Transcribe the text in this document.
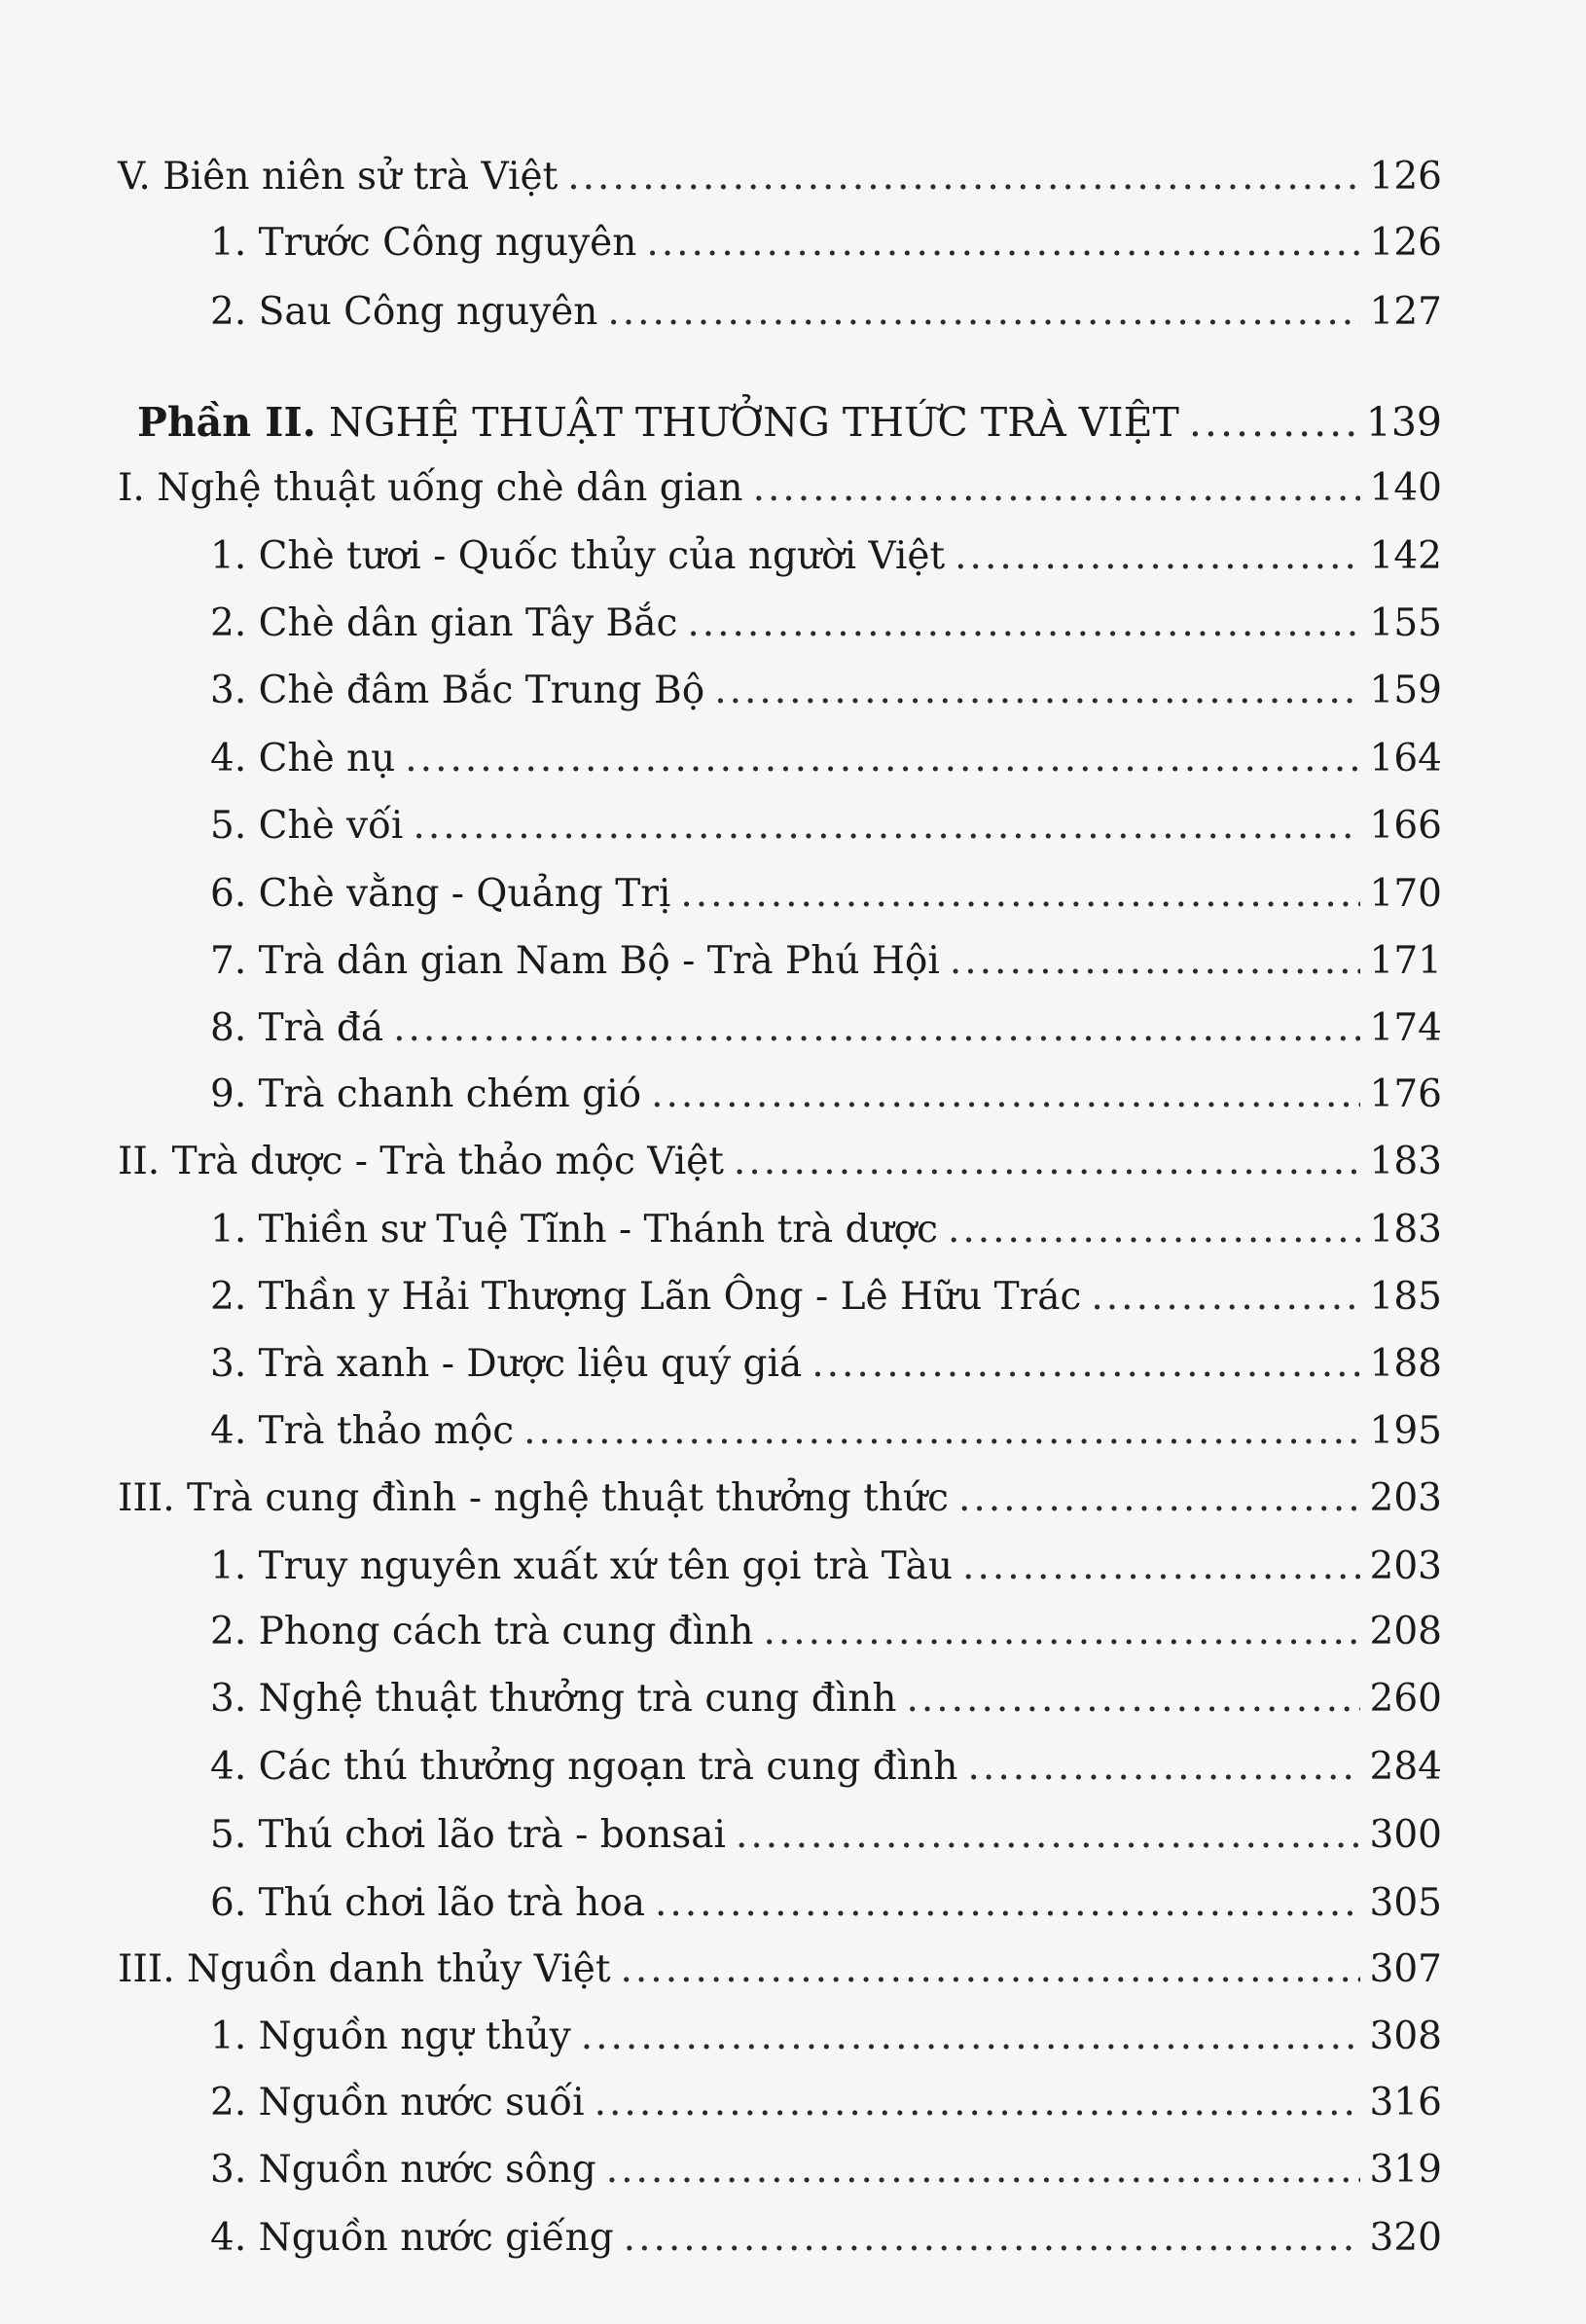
V. Biên niên sử trà Việt .....	126
1. Trước Công nguyên .....	126
2. Sau Công nguyên .....	127
Phần II. NGHỆ THUẬT THƯỞNG THỨC TRÀ VIỆT .....	139
I. Nghệ thuật uống chè dân gian .....	140
1. Chè tươi - Quốc thủy của người Việt .....	142
2. Chè dân gian Tây Bắc .....	155
3. Chè đâm Bắc Trung Bộ .....	159
4. Chè nụ .....	164
5. Chè vối .....	166
6. Chè vằng - Quảng Trị .....	170
7. Trà dân gian Nam Bộ - Trà Phú Hội .....	171
8. Trà đá .....	174
9. Trà chanh chém gió .....	176
II. Trà dược - Trà thảo mộc Việt .....	183
1. Thiền sư Tuệ Tĩnh - Thánh trà dược .....	183
2. Thần y Hải Thượng Lãn Ông - Lê Hữu Trác .....	185
3. Trà xanh - Dược liệu quý giá .....	188
4. Trà thảo mộc .....	195
III. Trà cung đình - nghệ thuật thưởng thức .....	203
1. Truy nguyên xuất xứ tên gọi trà Tàu .....	203
2. Phong cách trà cung đình .....	208
3. Nghệ thuật thưởng trà cung đình .....	260
4. Các thú thưởng ngoạn trà cung đình .....	284
5. Thú chơi lão trà - bonsai .....	300
6. Thú chơi lão trà hoa .....	305
III. Nguồn danh thủy Việt .....	307
1. Nguồn ngự thủy .....	308
2. Nguồn nước suối .....	316
3. Nguồn nước sông .....	319
4. Nguồn nước giếng .....	320
